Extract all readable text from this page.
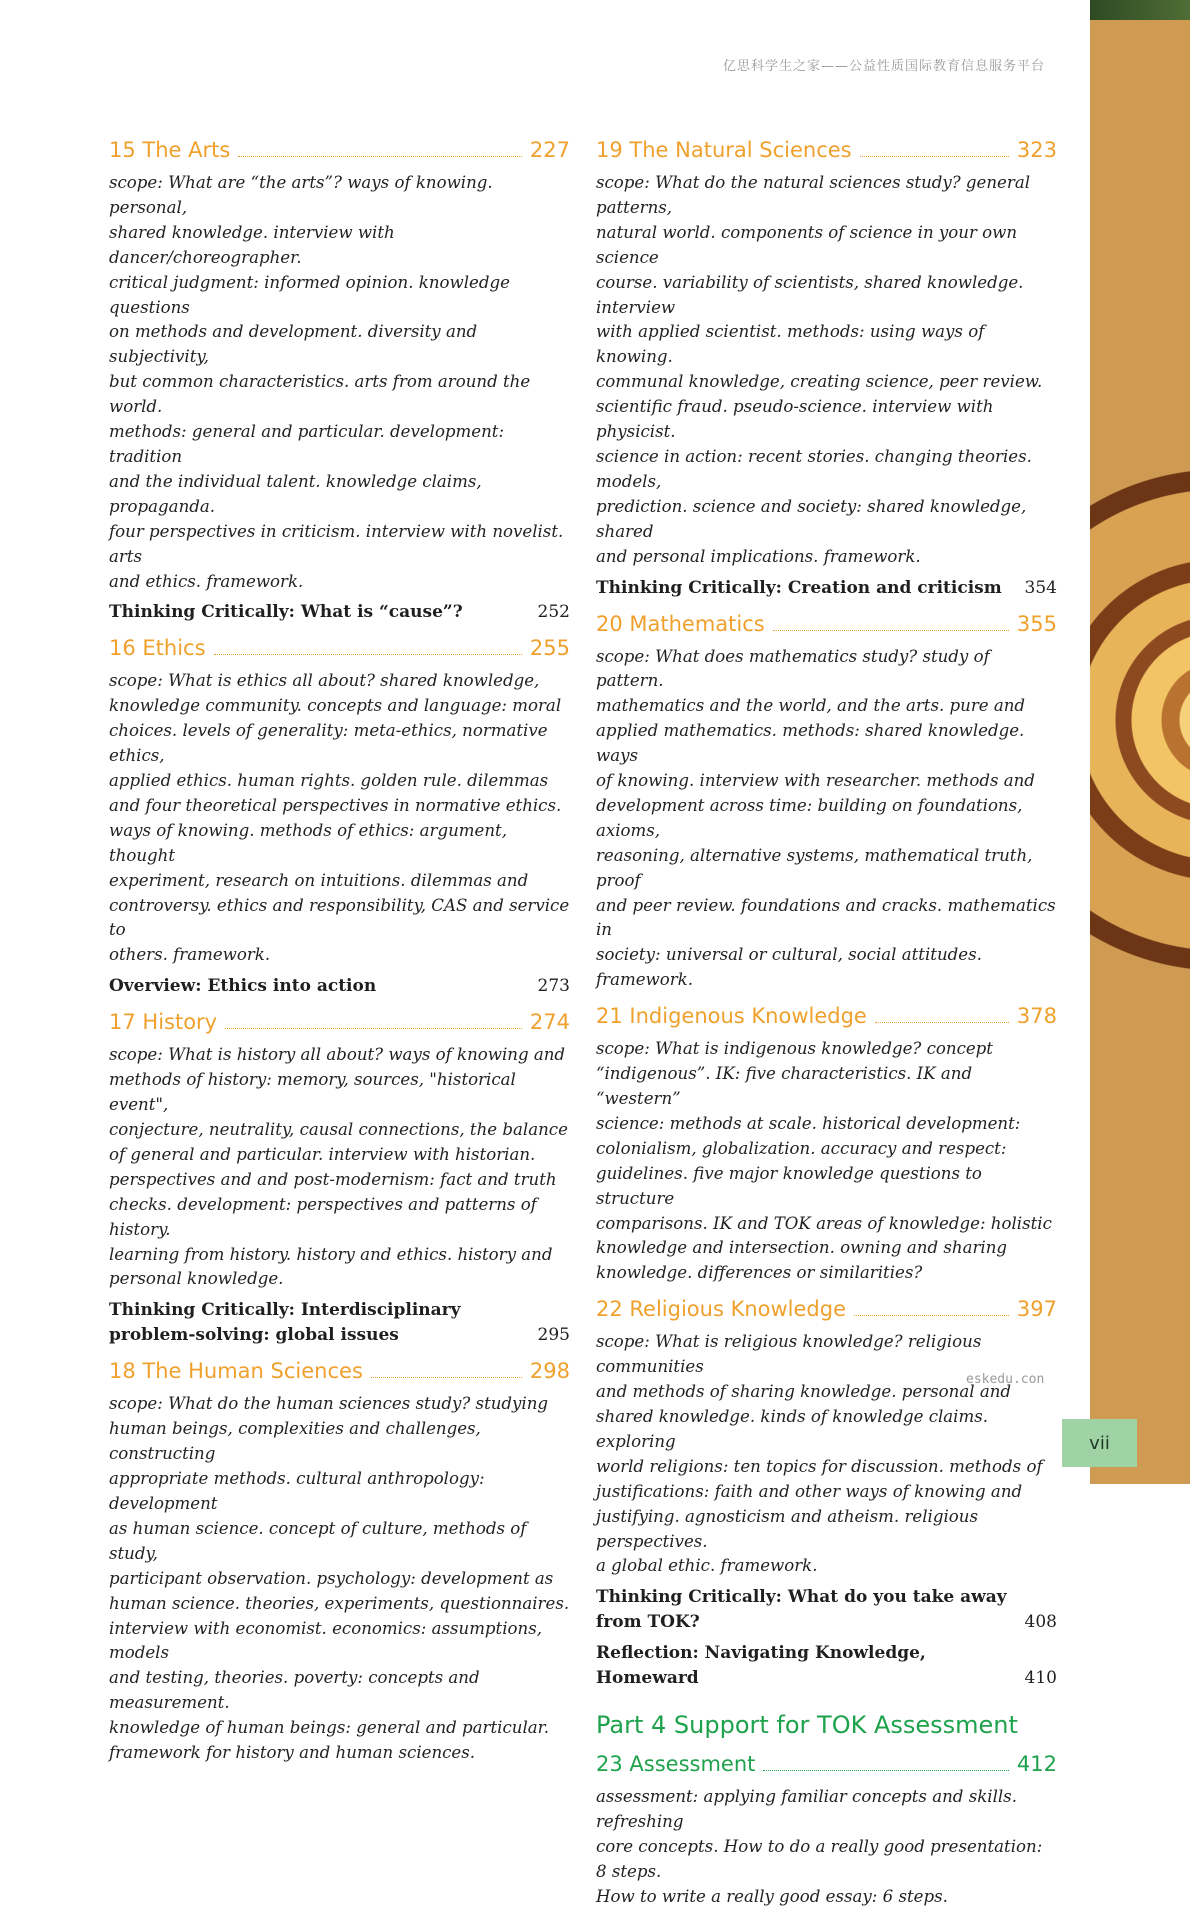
亿思科学生之家——公益性质国际教育信息服务平台
15 The Arts	227
scope: What are “the arts”? ways of knowing. personal,
shared knowledge. interview with dancer/choreographer.
critical judgment: informed opinion. knowledge questions
on methods and development. diversity and subjectivity,
but common characteristics. arts from around the world.
methods: general and particular. development: tradition
and the individual talent. knowledge claims, propaganda.
four perspectives in criticism. interview with novelist. arts
and ethics. framework.
Thinking Critically: What is “cause”?	252
16 Ethics	255
scope: What is ethics all about? shared knowledge,
knowledge community. concepts and language: moral
choices. levels of generality: meta-ethics, normative ethics,
applied ethics. human rights. golden rule. dilemmas
and four theoretical perspectives in normative ethics.
ways of knowing. methods of ethics: argument, thought
experiment, research on intuitions. dilemmas and
controversy. ethics and responsibility, CAS and service to
others. framework.
Overview: Ethics into action	273
17 History	274
scope: What is history all about? ways of knowing and
methods of history: memory, sources, "historical event",
conjecture, neutrality, causal connections, the balance
of general and particular. interview with historian.
perspectives and and post-modernism: fact and truth
checks. development: perspectives and patterns of history.
learning from history. history and ethics. history and
personal knowledge.
Thinking Critically: Interdisciplinary
problem-solving: global issues	295
18 The Human Sciences	298
scope: What do the human sciences study? studying
human beings, complexities and challenges, constructing
appropriate methods. cultural anthropology: development
as human science. concept of culture, methods of study,
participant observation. psychology: development as
human science. theories, experiments, questionnaires.
interview with economist. economics: assumptions, models
and testing, theories. poverty: concepts and measurement.
knowledge of human beings: general and particular.
framework for history and human sciences.
19 The Natural Sciences	323
scope: What do the natural sciences study? general patterns,
natural world. components of science in your own science
course. variability of scientists, shared knowledge. interview
with applied scientist. methods: using ways of knowing.
communal knowledge, creating science, peer review.
scientific fraud. pseudo-science. interview with physicist.
science in action: recent stories. changing theories. models,
prediction. science and society: shared knowledge, shared
and personal implications. framework.
Thinking Critically: Creation and criticism 354
20 Mathematics	355
scope: What does mathematics study? study of pattern.
mathematics and the world, and the arts. pure and
applied mathematics. methods: shared knowledge. ways
of knowing. interview with researcher. methods and
development across time: building on foundations, axioms,
reasoning, alternative systems, mathematical truth, proof
and peer review. foundations and cracks. mathematics in
society: universal or cultural, social attitudes. framework.
21 Indigenous Knowledge	378
scope: What is indigenous knowledge? concept
“indigenous”. IK: five characteristics. IK and “western”
science: methods at scale. historical development:
colonialism, globalization. accuracy and respect:
guidelines. five major knowledge questions to structure
comparisons. IK and TOK areas of knowledge: holistic
knowledge and intersection. owning and sharing
knowledge. differences or similarities?
22 Religious Knowledge	397
scope: What is religious knowledge? religious communities
and methods of sharing knowledge. personal and
shared knowledge. kinds of knowledge claims. exploring
world religions: ten topics for discussion. methods of
justifications: faith and other ways of knowing and
justifying. agnosticism and atheism. religious perspectives.
a global ethic. framework.
Thinking Critically: What do you take away
from TOK?	408
Reflection: Navigating Knowledge,
Homeward	410
Part 4 Support for TOK Assessment
23 Assessment	412
assessment: applying familiar concepts and skills. refreshing
core concepts. How to do a really good presentation: 8 steps.
How to write a really good essay: 6 steps.
eskedu.con
vii
